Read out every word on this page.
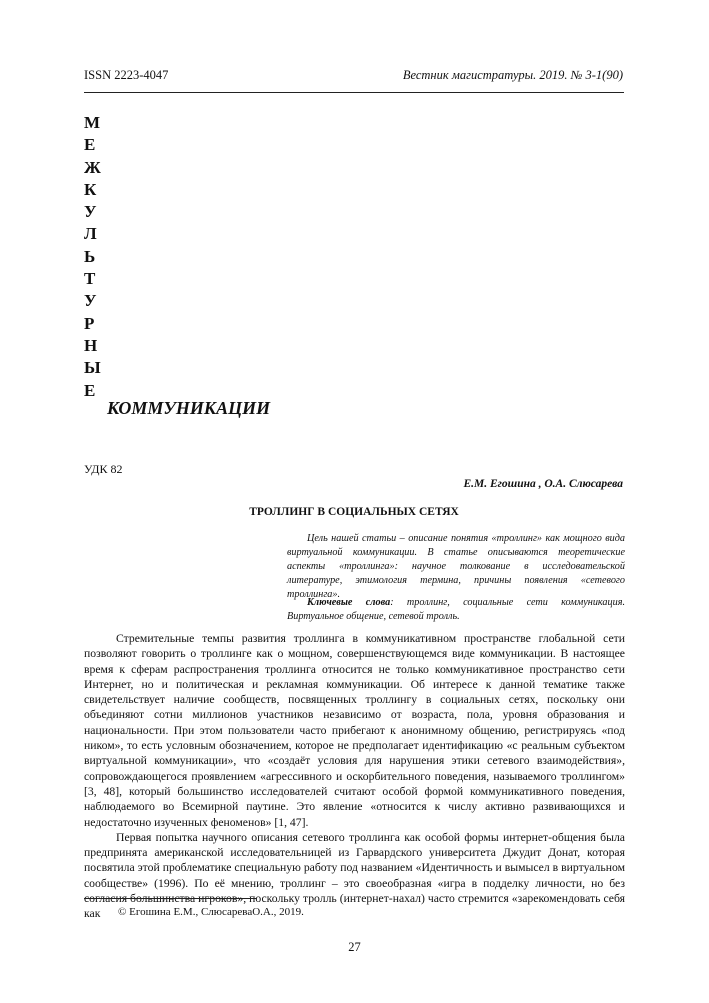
ISSN 2223-4047	Вестник магистратуры. 2019. № 3-1(90)
М
Е
Ж
К
У
Л
Ь
Т
У
Р
Н
Ы
Е
КОММУНИКАЦИИ
УДК 82
Е.М. Егошина , О.А. Слюсарева
ТРОЛЛИНГ В СОЦИАЛЬНЫХ СЕТЯХ
Цель нашей статьи – описание понятия «троллинг» как мощного вида виртуальной коммуникации. В статье описываются теоретические аспекты «троллинга»: научное толкование в исследовательской литературе, этимология термина, причины появления «сетевого троллинга».
Ключевые слова: троллинг, социальные сети коммуникация. Виртуальное общение, сетевой тролль.

Стремительные темпы развития троллинга в коммуникативном пространстве глобальной сети позволяют говорить о троллинге как о мощном, совершенствующемся виде коммуникации. В настоящее время к сферам распространения троллинга относится не только коммуникативное пространство сети Интернет, но и политическая и рекламная коммуникации. Об интересе к данной тематике также свидетельствует наличие сообществ, посвященных троллингу в социальных сетях, поскольку они объединяют сотни миллионов участников независимо от возраста, пола, уровня образования и национальности. При этом пользователи часто прибегают к анонимному общению, регистрируясь «под ником», то есть условным обозначением, которое не предполагает идентификацию «с реальным субъектом виртуальной коммуникации», что «создаёт условия для нарушения этики сетевого взаимодействия», сопровождающегося проявлением «агрессивного и оскорбительного поведения, называемого троллингом» [3, 48], который большинство исследователей считают особой формой коммуникативного поведения, наблюдаемого во Всемирной паутине. Это явление «относится к числу активно развивающихся и недостаточно изученных феноменов» [1, 47].

Первая попытка научного описания сетевого троллинга как особой формы интернет-общения была предпринята американской исследовательницей из Гарвардского университета Джудит Донат, которая посвятила этой проблематике специальную работу под названием «Идентичность и вымысел в виртуальном сообществе» (1996). По её мнению, троллинг – это своеобразная «игра в подделку личности, но без согласия большинства игроков», поскольку тролль (интернет-нахал) часто стремится «зарекомендовать себя как	© Егошина Е.М., СлюсареваО.А., 2019.
27
